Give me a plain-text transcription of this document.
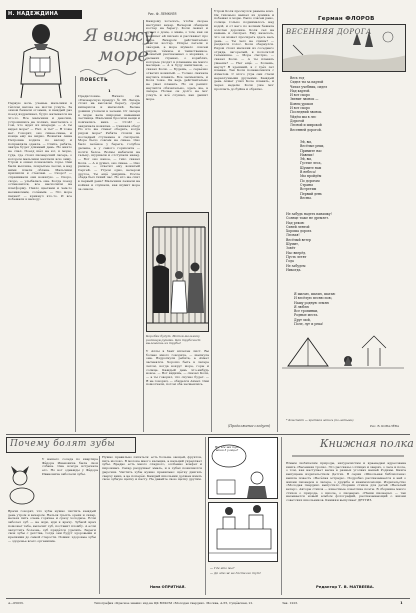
Н. НАДЕЖДИНА	Рис. Ф. ЛЕМКУЛЯ
Я вижу
море
ПОВЕСТЬ
1
Первую ночь учёные мальчики в тёплом вагоне не могли уснуть. За окном бежали огоньки, и каждый раз поезд вздрагивал, будто натыкался на что-то. Все мальчики и девочки, устроившись на полках, шептались о том, что ждёт их впереди. — А ты видел море? — Нет. А ты? — Я тоже нет. Говорят, оно синее-синее, и конца ему не видно. Вожатая Анна Петровна ходила по вагону и поправляла одеяла. — Спите, ребята, завтра будет длинный день. Но никто не спал. Поезд шёл на юг, к морю, туда, где стоял пионерский лагерь, о котором мальчики мечтали всю зиму. Утром в окнах показались горы. Они были высокие, покрытые лесом, а над ними плыли облака. Мальчики прилипли к стёклам. — Скоро? — спрашивали они вожатую. — Скоро, скоро, — улыбалась она. Когда поезд остановился, все выскочили на платформу. Пахло цветами и чем-то незнакомым, солёным. — Это море пахнет! — крикнул кто-то. И все побежали к выходу.
Предисловие. Начало см. «Пионерскую правду» № 38. Лагерь стоял на высоком берегу, среди кипарисов и магнолий. Белые домики утопали в зелени. От лагеря к морю вела широкая каменная лестница. Мальчики бросили вещи и помчались вниз. — Стой! — закричала вожатая. — Сначала обед! Но кто же станет обедать, когда рядом море? Ребята стояли на последней ступеньке и смотрели. Море было совсем не синее. Оно было зелёное у берега, голубое дальше, а у самого горизонта — почти белое. Волны набегали на гальку, шуршали и отступали назад. — Вот оно какое, — тихо сказал Коля. — А я думал, оно синее. — Оно разное, — ответил ему вожатый Сергей. — Утром одно, вечером другое. Ты ещё увидишь. После обеда был тихий час. Но кто же спит в первый день? Мальчики лежали на койках и слушали, как шумит море за окном.
Каждому хотелось, чтобы скорее наступил вечер. Вечером обещали костёр на берегу. Коля лежал и думал о доме, о маме, о том, как он напишет ей письмо и расскажет про море. Вечером действительно зажгли костёр. Искры летели к звёздам, а море шумело совсем рядом, тёмное и таинственное. Вожатый рассказывал о моряках, о дальних странах, о кораблях, которые уходят в плавание на много месяцев. — А я буду капитаном, — сказал Коля. — Будешь, — серьёзно ответил вожатый. — Только сначала научись плавать. Все засмеялись, и Коля тоже. Он ведь действительно не умел плавать. Но он решил: научится обязательно, здесь же, в лагере. Ночью он долго не мог уснуть и всё слушал, как дышит море.
Утром Коля проснулся раньше всех. Он тихонько вышел из домика и побежал к морю. Было совсем рано, солнце только поднималось над водой, и от него по волнам бежала золотая дорожка. Коля сел на камень и смотрел. Ему казалось, что он может просидеть здесь весь день. — Ты чего не спишь? — раздался голос. Коля обернулся. Рядом стоял мальчик из соседнего отряда, загорелый, в полосатой тельняшке. — Море смотрю, — сказал Коля. — А ты плавать умеешь? — Нет ещё. — Хочешь, научу? Я здешний, я с трёх лет плаваю. Так Коля познакомился с Ахметом. С этого утра они стали неразлучными друзьями. Каждый день Ахмет учил Коле плавать, и через неделю Коля уже мог проплыть до буйка и обратно.
Коробки будут. Моток-мальчику раскинув руками. Как трубочист вылезаешь из трубы!
У Аллы в бант вплетён лист. Вы больно много говорите, — шепнула она. Вздрогнули ребята, а Ахмет засмеялся. Хорошо быть в лагере летом, когда вокруг море, горы и солнце. Каждый день что-нибудь новое. — Вот видишь, — сказал Коля, — а ты говорил, что скучно будет. — Я не говорил, — обиделся Ахмет. Они помолчали, потом оба засмеялись.
(Продолжение следует)
Герман ФЛОРОВ
ВЕСЕННЯЯ ДОРОГА
Весь год
Сидел ты за партой
Читал учебник, сидел
Над картой.
И вот скоро
Звенит звонок —
Конец уроков
И вот скоро
Последний звонок.
Уйдём мы в лес
Дорогой
Лесной и широкой
Весенней дорогой.
Эй, вы,
Весёлые реки,
Примите нас
Навеки!
Эй, вы,
Густые леса,
Шумите нам
В небеса!
Мы пройдём
По дорогам
Страны
Встретим
Первый день
Весны.
Не забудь надеть панамку!
Солнце тоже не дремлет.
Над рекою
Синей лентой
Хороша дорога
Лесная!
Весёлый ветер
Шумит,
Зовёт
Нас вперёд.
Пусть летят
Года
Не забудем
Никогда.
Я шагаю, шагаю, шагаю
И весёлую песню пою,
Нашу родную землю
Я люблю
Все тропинки,
Родные места.
Друг мой,
Поле, луг и река!
* Конспект — краткая запись (по-латыни).
Рис. В. КОВАЛЁВА
Почему болят зубы
У нашего соседа по квартире Фёдора Ивановича была своя собака. Она всегда встречала его. Но вот однажды у Фёдора Ивановича заболели зубы.
Врачи говорят, что зубы нужно чистить каждый день утром и вечером. Нельзя грызть орехи и сахар, нельзя пить очень горячее и сразу холодное. Если заболел зуб — не жди, иди к врачу. Зубной врач поможет тебе, вылечит зуб, поставит пломбу. А если запустить болезнь, зуб придётся удалить. Береги свои зубы с детства, тогда они будут здоровыми и крепкими до самой старости. Помни: здоровые зубы — здоровье всего организма.
Нужно правильно питаться: есть больше овощей, фруктов, пить молоко. В молоке много кальция, а кальций укрепляет зубы. Вредно есть много сладкого, особенно конфет и пирожных. Сахар разрушает эмаль, и в зубах появляются дырочки. Чистить зубы нужно правильно: щётку двигать сверху вниз, а не поперёк. Каждый школьник должен иметь свою зубную щётку и пасту. Не давайте свою щётку другим.
Нина ОПРИТНАЯ.
Ну, где же тут ваши 3 улицы?
— Где это мы?
— Да это ж на Гастелло тут!
Книжная полка
Юным любителям природы, натуралистам и краеведам адресована книга «Весенняя тропа». Это рассказы о птицах и зверях, о лесе и поле, о том, как наступает весна в разных уголках нашей Родины. Книга выпущена издательством Детгиз. В серии «Школьная библиотека» вышла повесть «Весёлая эстрада». Подробно рассказывается в ней о жизни пионеров в лагере, о дружбе и взаимопомощи. Издательство «Молодая гвардия» выпустило сборник стихов для детей «Весёлый ветер». Авторы стихов — известные советские поэты. В сборнике много стихов о природе, о школе, о пионерах. «Наши пионеры» — так называется новый альбом фотографий, рассказывающий о жизни советских школьников. Книжки выпускает ДЕТГИЗ.
Редактор Т. В. МАТВЕЕВА.
А—05033.	Типография «Красное знамя» изд-ва ЦК ВЛКСМ «Молодая гвардия». Москва, А-55, Сущёвская, 21.	Зак. 1223.	1
